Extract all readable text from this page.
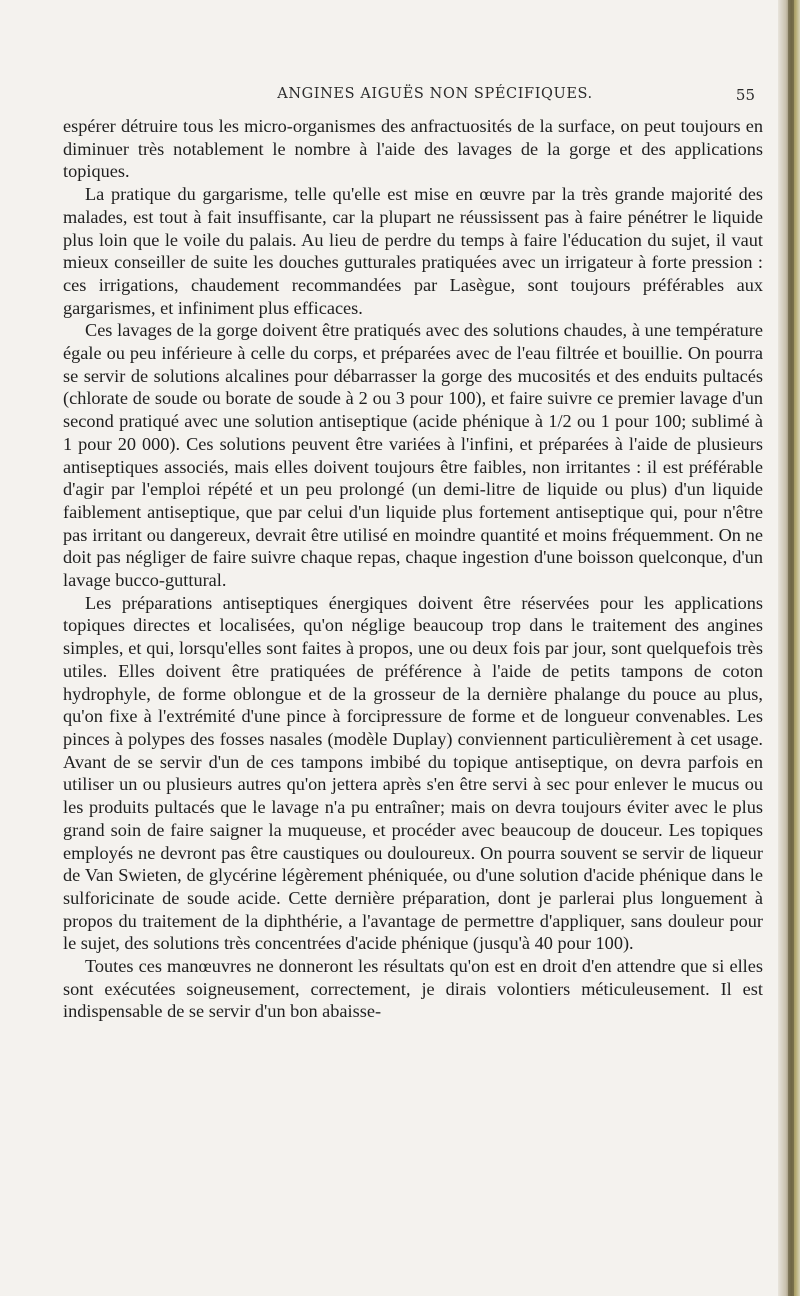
ANGINES AIGUËS NON SPÉCIFIQUES.	55

espérer détruire tous les micro-organismes des anfractuosités de la surface, on peut toujours en diminuer très notablement le nombre à l'aide des lavages de la gorge et des applications topiques.

La pratique du gargarisme, telle qu'elle est mise en œuvre par la très grande majorité des malades, est tout à fait insuffisante, car la plupart ne réussissent pas à faire pénétrer le liquide plus loin que le voile du palais. Au lieu de perdre du temps à faire l'éducation du sujet, il vaut mieux conseiller de suite les douches gutturales pratiquées avec un irrigateur à forte pression : ces irrigations, chaudement recommandées par Lasègue, sont toujours préférables aux gargarismes, et infiniment plus efficaces.

Ces lavages de la gorge doivent être pratiqués avec des solutions chaudes, à une température égale ou peu inférieure à celle du corps, et préparées avec de l'eau filtrée et bouillie. On pourra se servir de solutions alcalines pour débarrasser la gorge des mucosités et des enduits pultacés (chlorate de soude ou borate de soude à 2 ou 3 pour 100), et faire suivre ce premier lavage d'un second pratiqué avec une solution antiseptique (acide phénique à 1/2 ou 1 pour 100; sublimé à 1 pour 20 000). Ces solutions peuvent être variées à l'infini, et préparées à l'aide de plusieurs antiseptiques associés, mais elles doivent toujours être faibles, non irritantes : il est préférable d'agir par l'emploi répété et un peu prolongé (un demi-litre de liquide ou plus) d'un liquide faiblement antiseptique, que par celui d'un liquide plus fortement antiseptique qui, pour n'être pas irritant ou dangereux, devrait être utilisé en moindre quantité et moins fréquemment. On ne doit pas négliger de faire suivre chaque repas, chaque ingestion d'une boisson quelconque, d'un lavage bucco-guttural.

Les préparations antiseptiques énergiques doivent être réservées pour les applications topiques directes et localisées, qu'on néglige beaucoup trop dans le traitement des angines simples, et qui, lorsqu'elles sont faites à propos, une ou deux fois par jour, sont quelquefois très utiles. Elles doivent être pratiquées de préférence à l'aide de petits tampons de coton hydrophyle, de forme oblongue et de la grosseur de la dernière phalange du pouce au plus, qu'on fixe à l'extrémité d'une pince à forcipressure de forme et de longueur convenables. Les pinces à polypes des fosses nasales (modèle Duplay) conviennent particulièrement à cet usage. Avant de se servir d'un de ces tampons imbibé du topique antiseptique, on devra parfois en utiliser un ou plusieurs autres qu'on jettera après s'en être servi à sec pour enlever le mucus ou les produits pultacés que le lavage n'a pu entraîner; mais on devra toujours éviter avec le plus grand soin de faire saigner la muqueuse, et procéder avec beaucoup de douceur. Les topiques employés ne devront pas être caustiques ou douloureux. On pourra souvent se servir de liqueur de Van Swieten, de glycérine légèrement phéniquée, ou d'une solution d'acide phénique dans le sulforicinate de soude acide. Cette dernière préparation, dont je parlerai plus longuement à propos du traitement de la diphthérie, a l'avantage de permettre d'appliquer, sans douleur pour le sujet, des solutions très concentrées d'acide phénique (jusqu'à 40 pour 100).

Toutes ces manœuvres ne donneront les résultats qu'on est en droit d'en attendre que si elles sont exécutées soigneusement, correctement, je dirais volontiers méticuleusement. Il est indispensable de se servir d'un bon abaisse-
